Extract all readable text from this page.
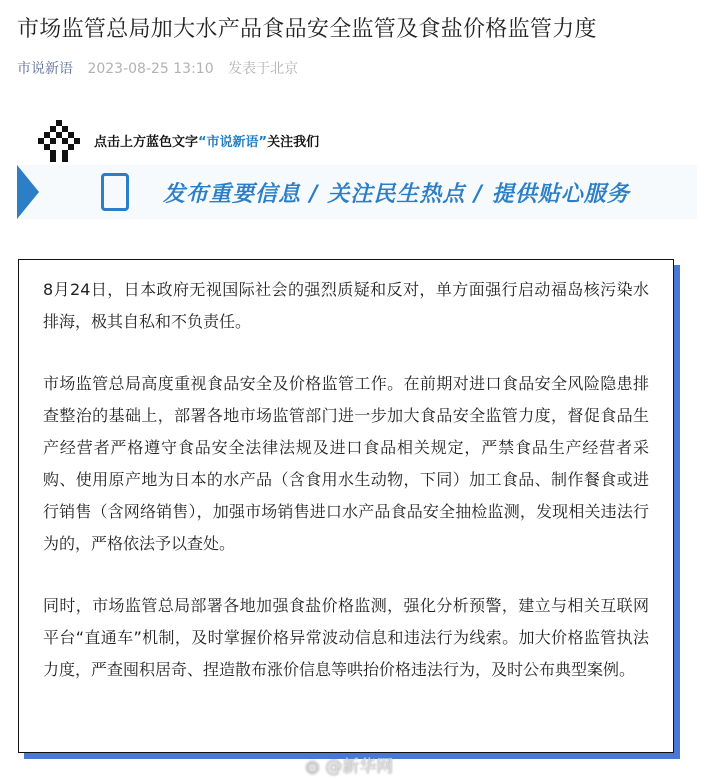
市场监管总局加大水产品食品安全监管及食盐价格监管力度
市说新语 2023-08-25 13:10 发表于北京
点击上方蓝色文字“市说新语”关注我们
发布重要信息 / 关注民生热点 / 提供贴心服务

8月24日，日本政府无视国际社会的强烈质疑和反对，单方面强行启动福岛核污染水排海，极其自私和不负责任。

市场监管总局高度重视食品安全及价格监管工作。在前期对进口食品安全风险隐患排查整治的基础上，部署各地市场监管部门进一步加大食品安全监管力度，督促食品生产经营者严格遵守食品安全法律法规及进口食品相关规定，严禁食品生产经营者采购、使用原产地为日本的水产品（含食用水生动物，下同）加工食品、制作餐食或进行销售（含网络销售），加强市场销售进口水产品食品安全抽检监测，发现相关违法行为的，严格依法予以查处。

同时，市场监管总局部署各地加强食盐价格监测，强化分析预警，建立与相关互联网平台“直通车”机制，及时掌握价格异常波动信息和违法行为线索。加大价格监管执法力度，严查囤积居奇、捏造散布涨价信息等哄抬价格违法行为，及时公布典型案例。

◉ @新华网
